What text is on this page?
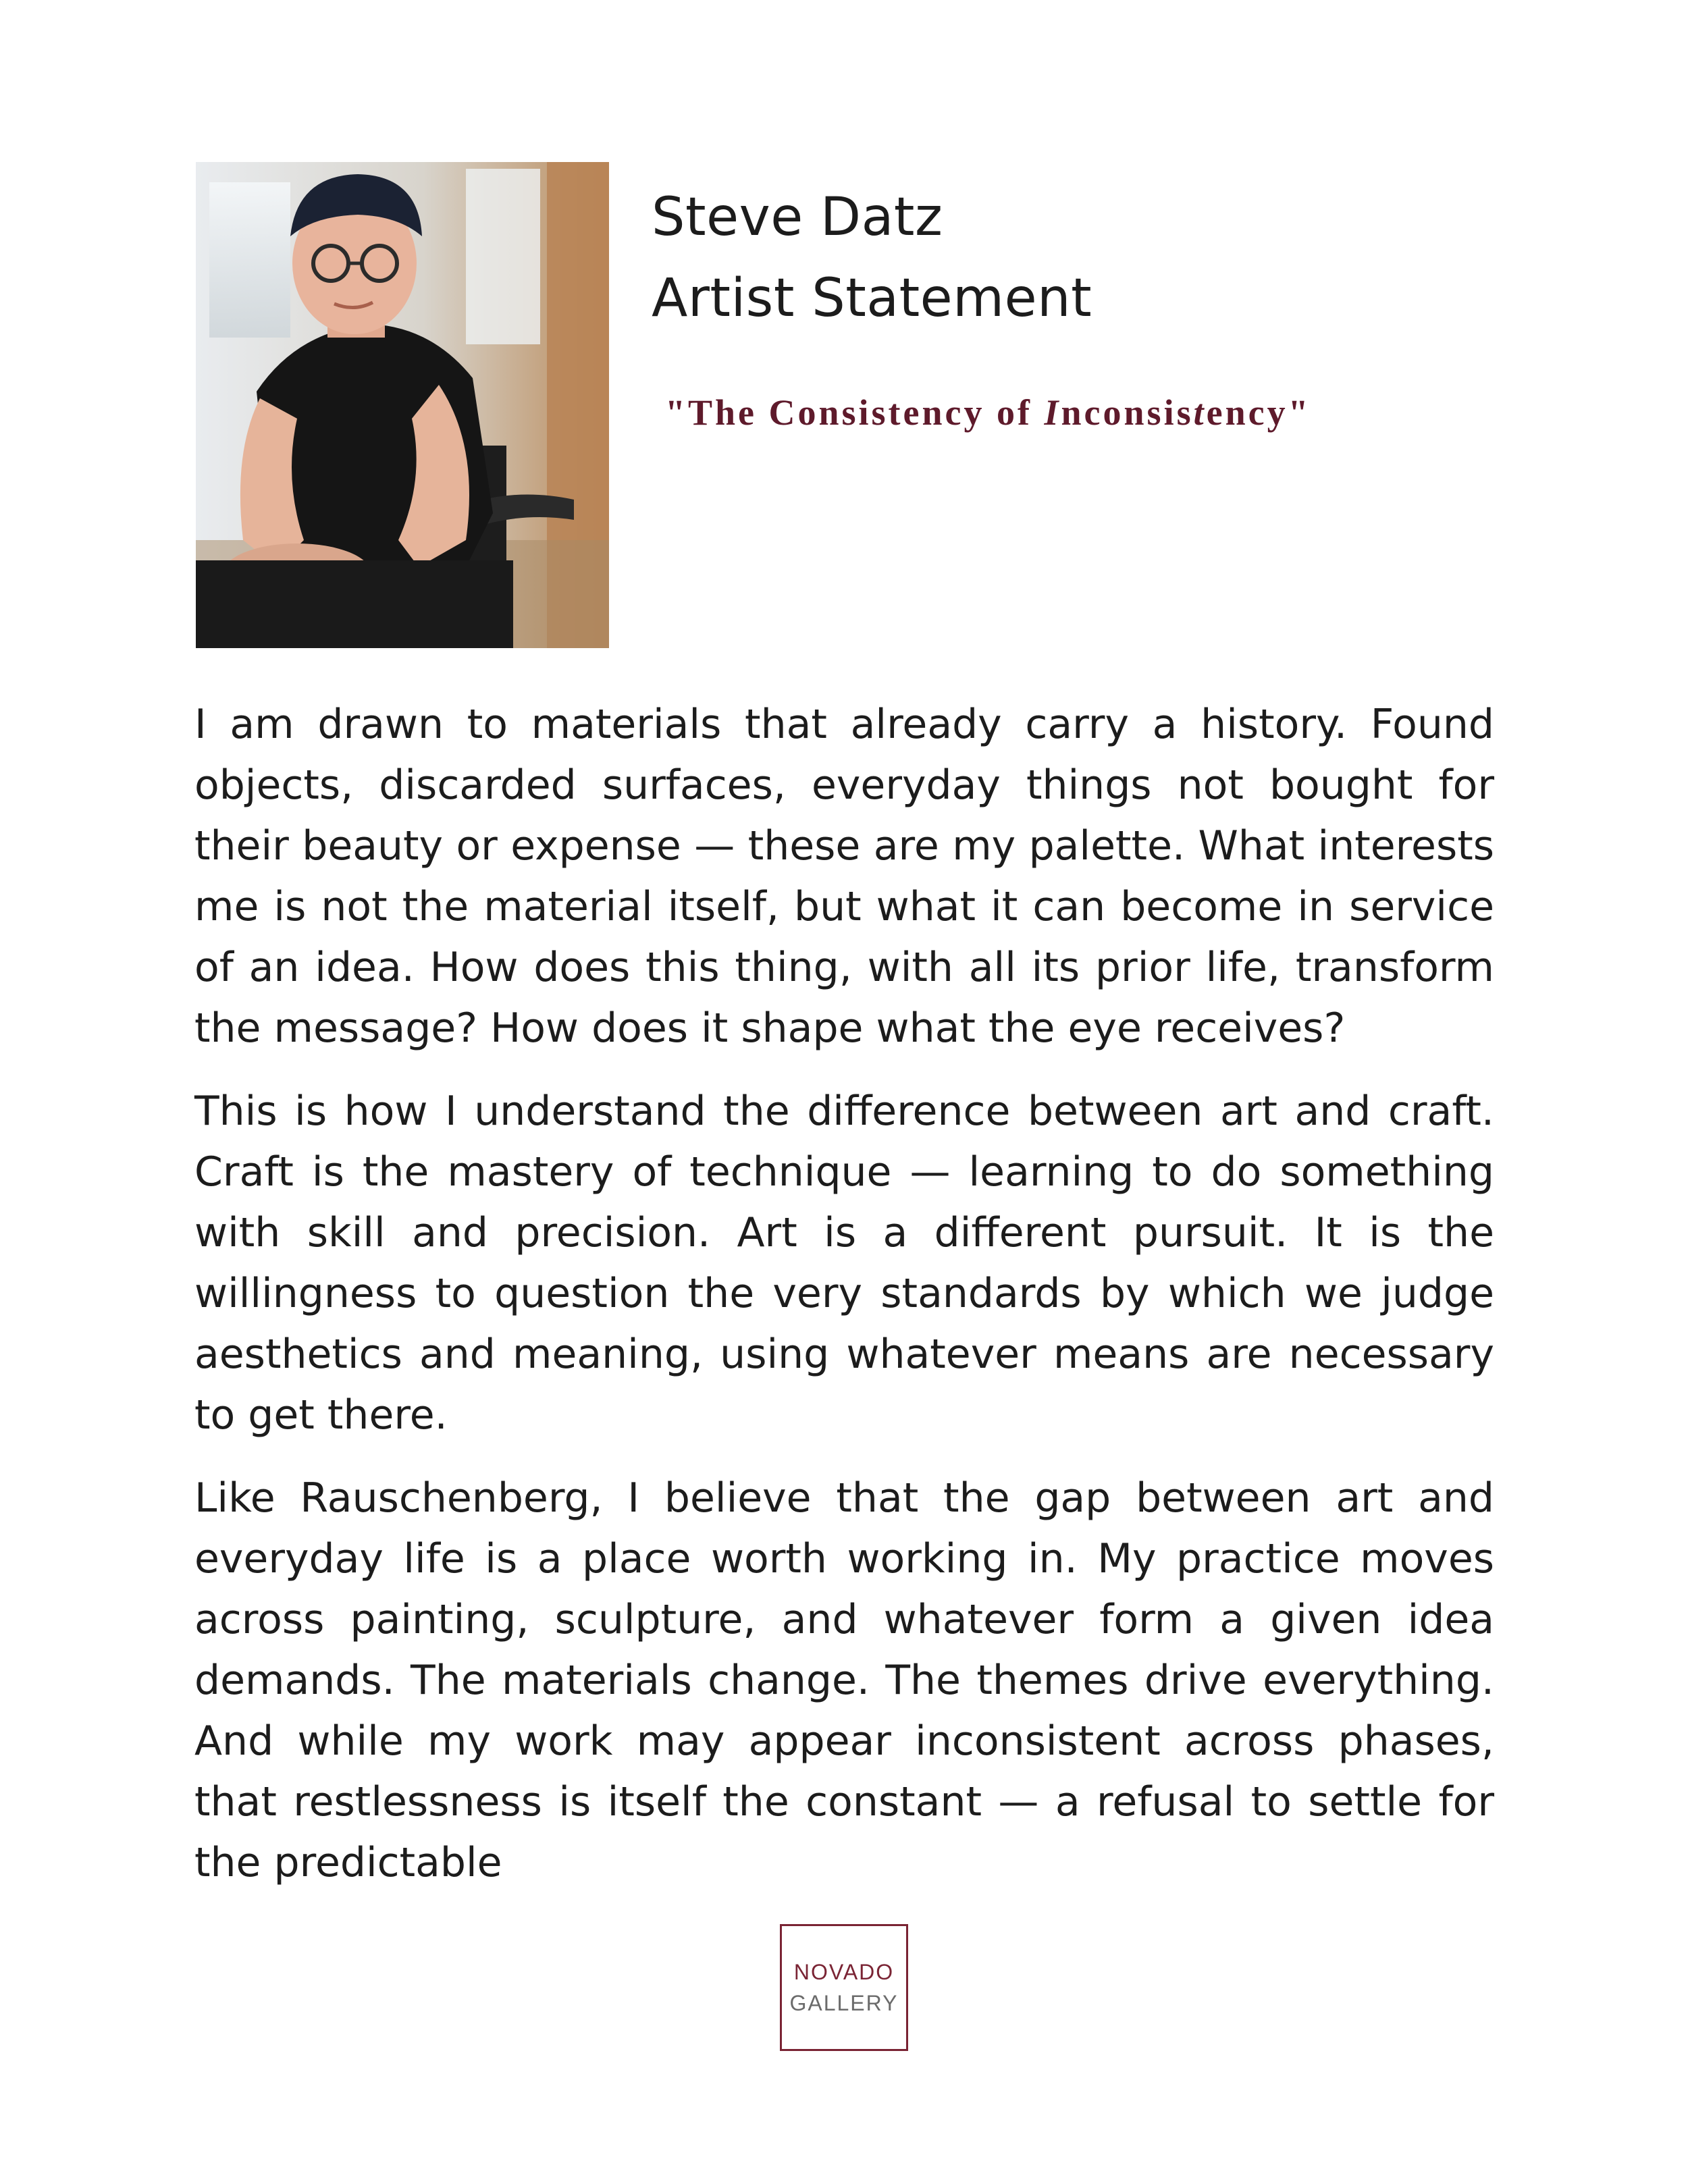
Steve Datz
Artist Statement
"The Consistency of Inconsistency"

I am drawn to materials that already carry a history. Found objects, discarded surfaces, everyday things not bought for their beauty or expense — these are my palette. What interests me is not the material itself, but what it can become in service of an idea. How does this thing, with all its prior life, transform the message? How does it shape what the eye receives?

This is how I understand the difference between art and craft. Craft is the mastery of technique — learning to do something with skill and precision. Art is a different pursuit. It is the willingness to question the very standards by which we judge aesthetics and meaning, using whatever means are necessary to get there.

Like Rauschenberg, I believe that the gap between art and everyday life is a place worth working in. My practice moves across painting, sculpture, and whatever form a given idea demands. The materials change. The themes drive everything. And while my work may appear inconsistent across phases, that restlessness is itself the constant — a refusal to settle for the predictable

NOVADO
GALLERY
